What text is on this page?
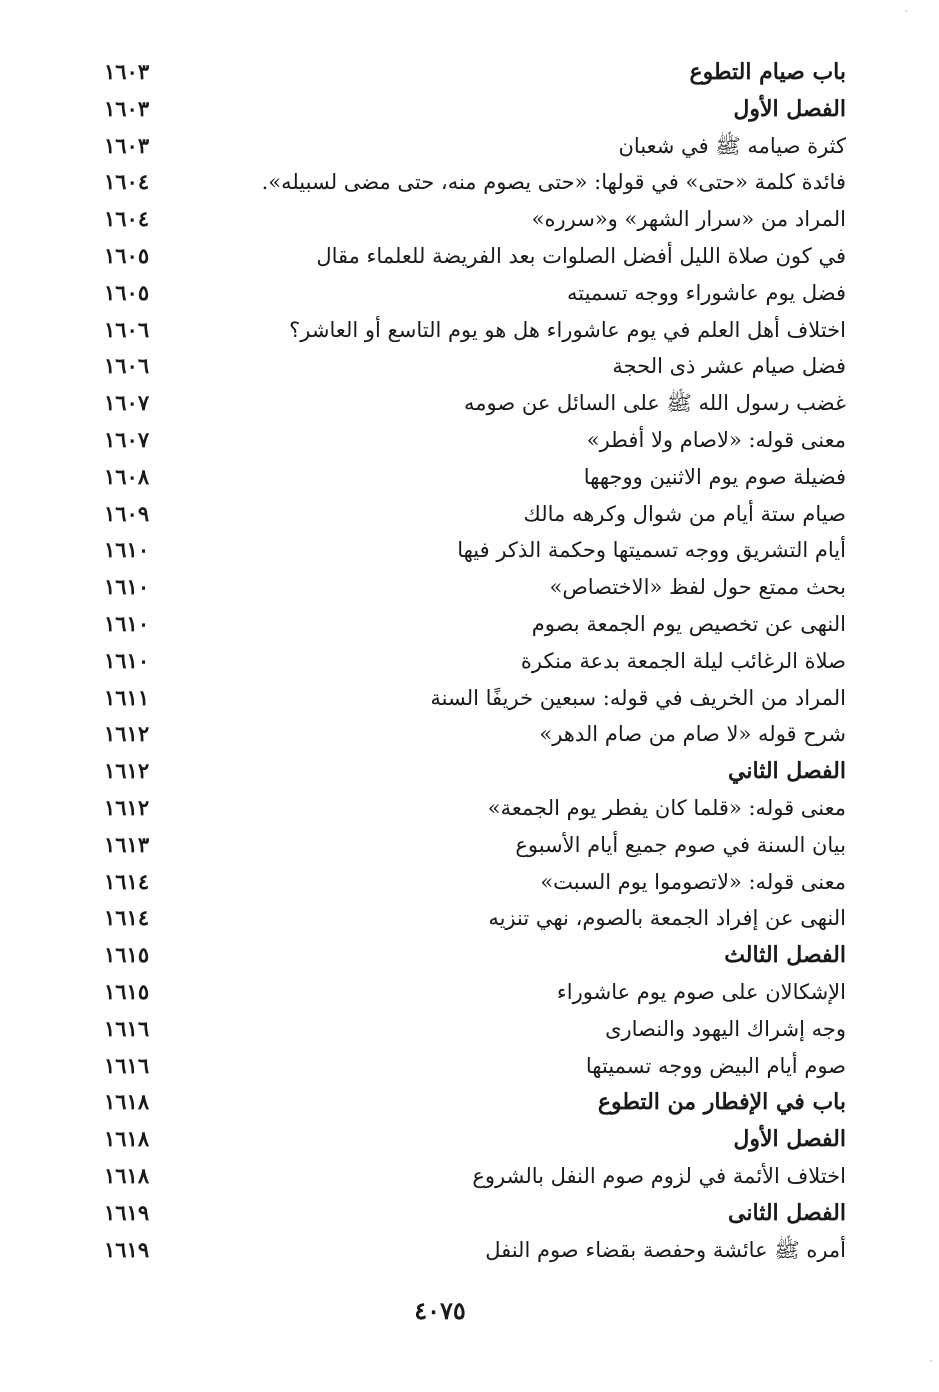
باب صيام التطوع
١٦٠٣
الفصل الأول
١٦٠٣
كثرة صيامه ﷺ في شعبان
١٦٠٣
فائدة كلمة «حتى» في قولها: «حتى يصوم منه، حتى مضى لسبيله».
١٦٠٤
المراد من «سرار الشهر» و«سرره»
١٦٠٤
في كون صلاة الليل أفضل الصلوات بعد الفريضة للعلماء مقال
١٦٠٥
فضل يوم عاشوراء ووجه تسميته
١٦٠٥
اختلاف أهل العلم في يوم عاشوراء هل هو يوم التاسع أو العاشر؟
١٦٠٦
فضل صيام عشر ذى الحجة
١٦٠٦
غضب رسول الله ﷺ على السائل عن صومه
١٦٠٧
معنى قوله: «لاصام ولا أفطر»
١٦٠٧
فضيلة صوم يوم الاثنين ووجهها
١٦٠٨
صيام ستة أيام من شوال وكرهه مالك
١٦٠٩
أيام التشريق ووجه تسميتها وحكمة الذكر فيها
١٦١٠
بحث ممتع حول لفظ «الاختصاص»
١٦١٠
النهى عن تخصيص يوم الجمعة بصوم
١٦١٠
صلاة الرغائب ليلة الجمعة بدعة منكرة
١٦١٠
المراد من الخريف في قوله: سبعين خريفًا السنة
١٦١١
شرح قوله «لا صام من صام الدهر»
١٦١٢
الفصل الثاني
١٦١٢
معنى قوله: «قلما كان يفطر يوم الجمعة»
١٦١٢
بيان السنة في صوم جميع أيام الأسبوع
١٦١٣
معنى قوله: «لاتصوموا يوم السبت»
١٦١٤
النهى عن إفراد الجمعة بالصوم، نهي تنزيه
١٦١٤
الفصل الثالث
١٦١٥
الإشكالان على صوم يوم عاشوراء
١٦١٥
وجه إشراك اليهود والنصارى
١٦١٦
صوم أيام البيض ووجه تسميتها
١٦١٦
باب في الإفطار من التطوع
١٦١٨
الفصل الأول
١٦١٨
اختلاف الأئمة في لزوم صوم النفل بالشروع
١٦١٨
الفصل الثانى
١٦١٩
أمره ﷺ عائشة وحفصة بقضاء صوم النفل
١٦١٩
٤٠٧٥
